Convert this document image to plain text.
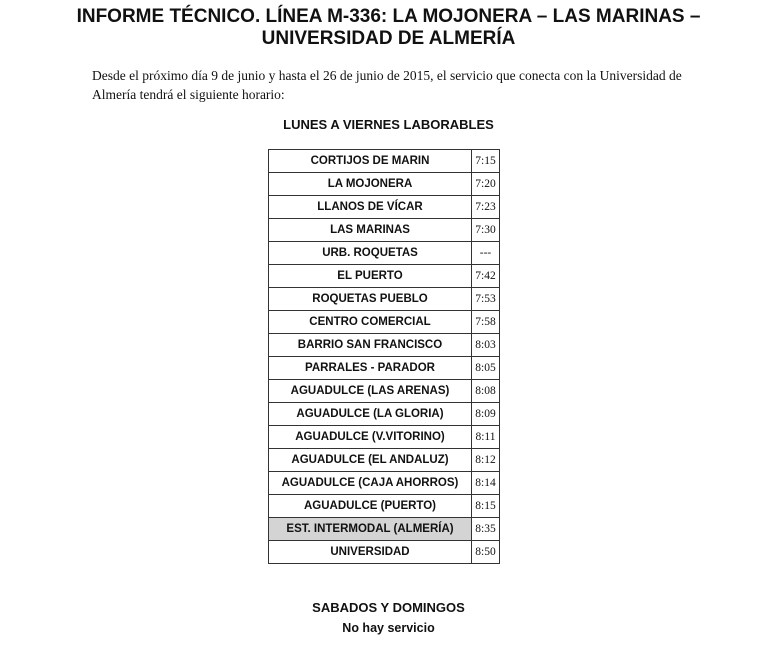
INFORME TÉCNICO. LÍNEA M-336: LA MOJONERA – LAS MARINAS –
UNIVERSIDAD DE ALMERÍA

Desde el próximo día 9 de junio y hasta el 26 de junio de 2015, el servicio que conecta con la Universidad de Almería tendrá el siguiente horario:

LUNES A VIERNES LABORABLES

CORTIJOS DE MARIN	7:15
LA MOJONERA	7:20
LLANOS DE VÍCAR	7:23
LAS MARINAS	7:30
URB. ROQUETAS	---
EL PUERTO	7:42
ROQUETAS PUEBLO	7:53
CENTRO COMERCIAL	7:58
BARRIO SAN FRANCISCO	8:03
PARRALES - PARADOR	8:05
AGUADULCE (LAS ARENAS)	8:08
AGUADULCE (LA GLORIA)	8:09
AGUADULCE (V.VITORINO)	8:11
AGUADULCE (EL ANDALUZ)	8:12
AGUADULCE (CAJA AHORROS)	8:14
AGUADULCE (PUERTO)	8:15
EST. INTERMODAL (ALMERÍA)	8:35
UNIVERSIDAD	8:50

SABADOS Y DOMINGOS

No hay servicio
